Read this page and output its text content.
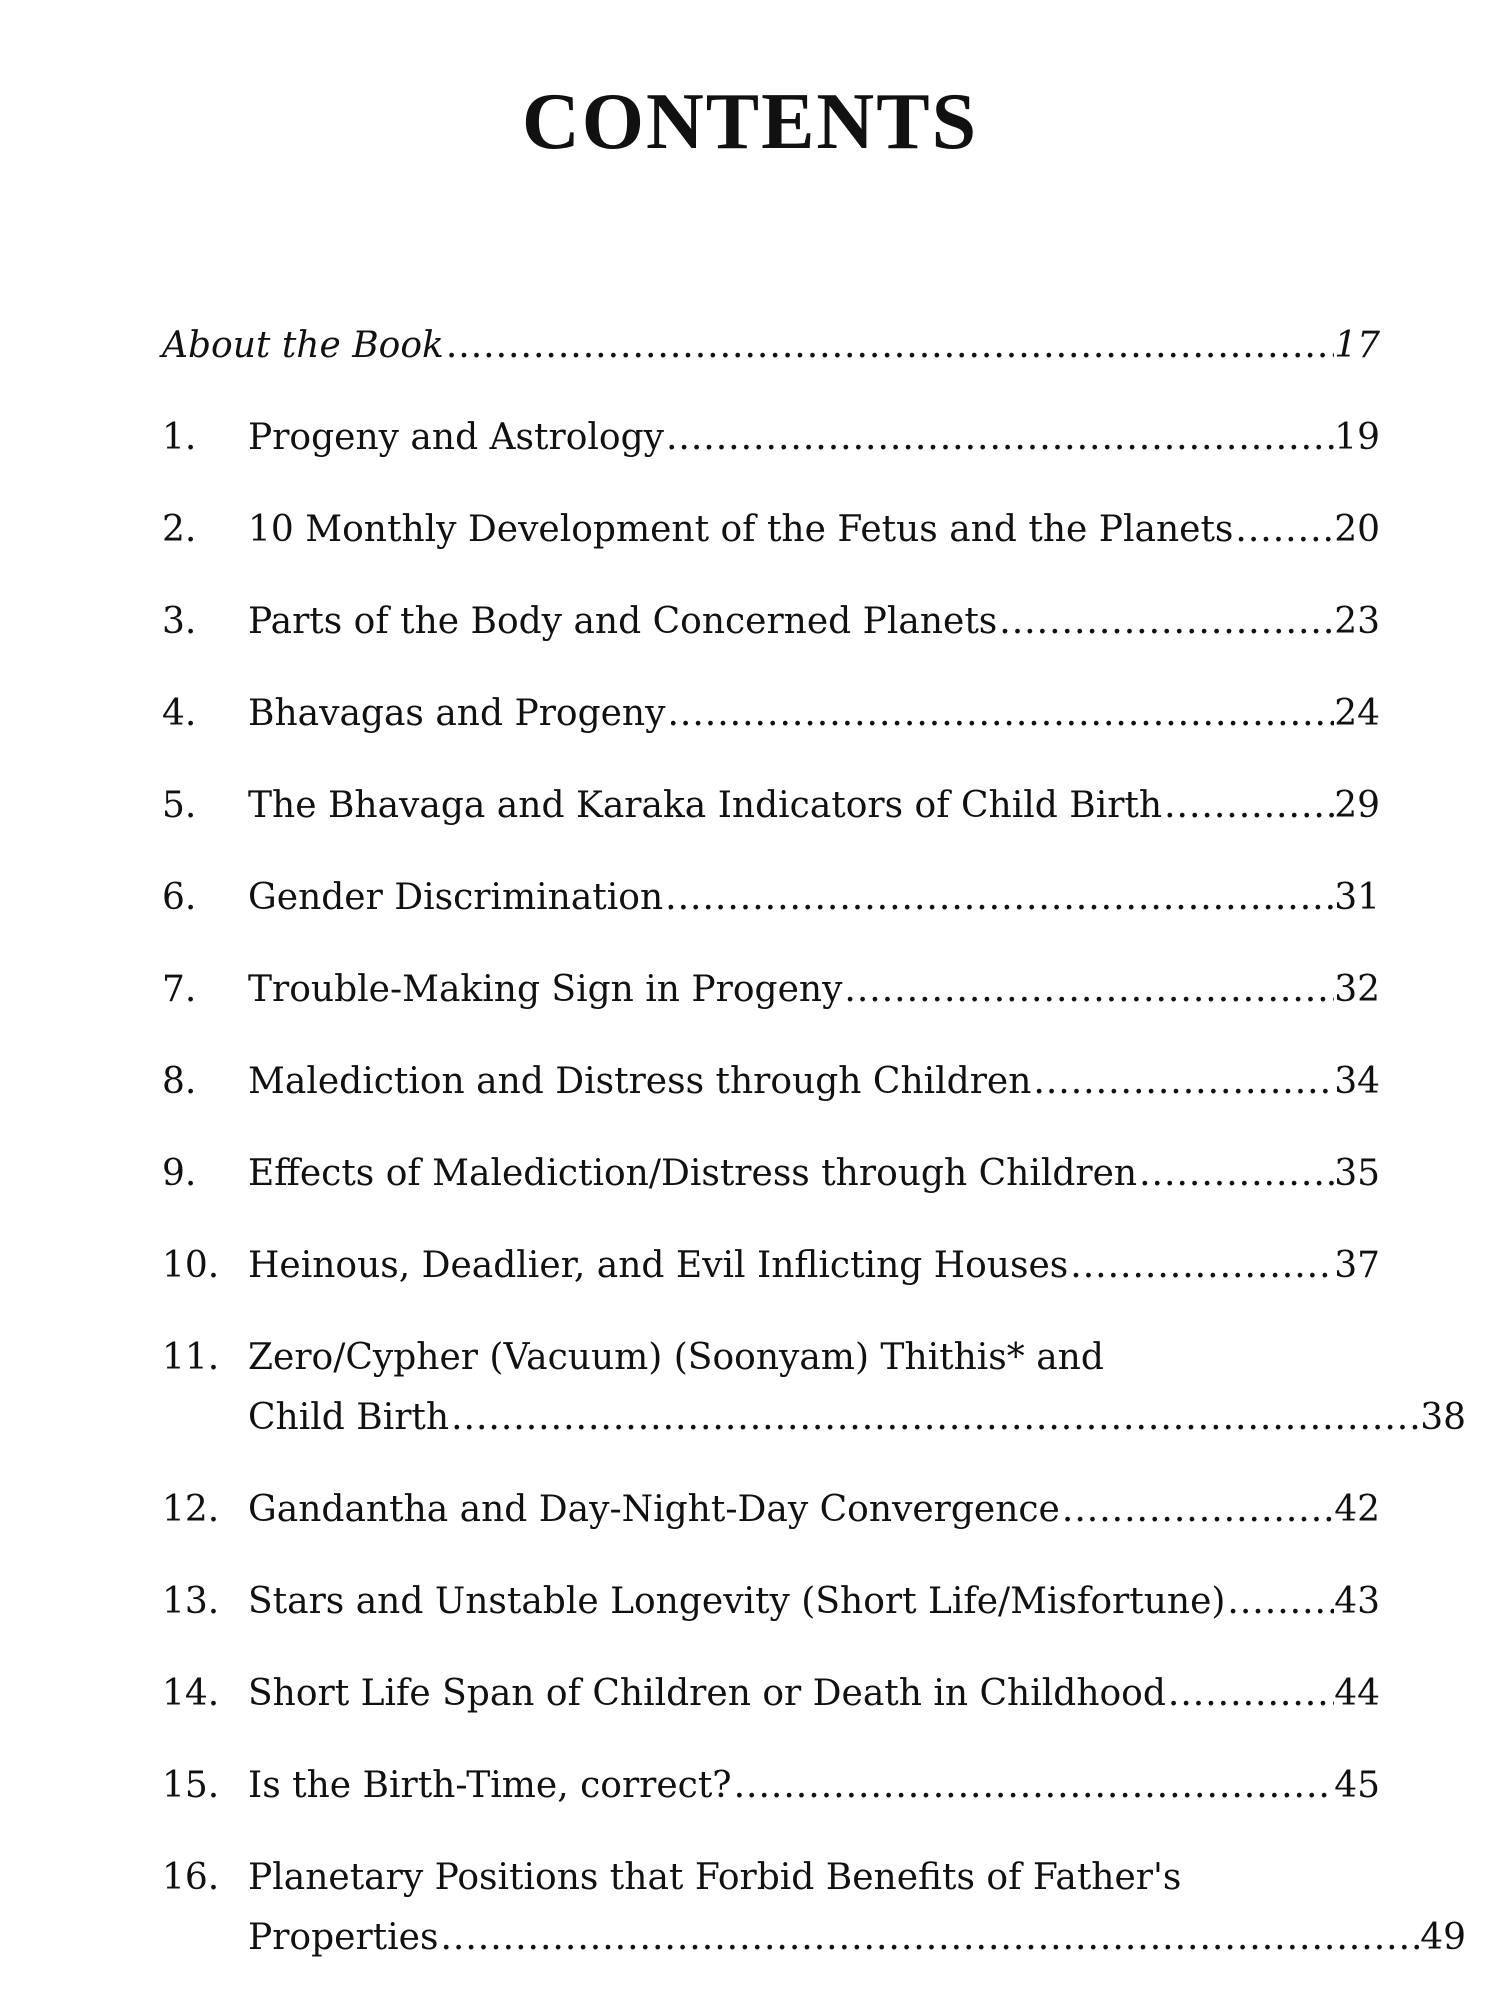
CONTENTS
About the Book .....	17
1.	Progeny and Astrology .....	19
2.	10 Monthly Development of the Fetus and the Planets .....	20
3.	Parts of the Body and Concerned Planets .....	23
4.	Bhavagas and Progeny .....	24
5.	The Bhavaga and Karaka Indicators of Child Birth .....	29
6.	Gender Discrimination .....	31
7.	Trouble-Making Sign in Progeny .....	32
8.	Malediction and Distress through Children .....	34
9.	Effects of Malediction/Distress through Children .....	35
10. Heinous, Deadlier, and Evil Inflicting Houses .....	37
11. Zero/Cypher (Vacuum) (Soonyam) Thithis* and
Child Birth .....	38
12. Gandantha and Day-Night-Day Convergence .....	42
13. Stars and Unstable Longevity (Short Life/Misfortune) .....	43
14. Short Life Span of Children or Death in Childhood .....	44
15. Is the Birth-Time, correct? .....	45
16. Planetary Positions that Forbid Benefits of Father's
Properties .....	49
